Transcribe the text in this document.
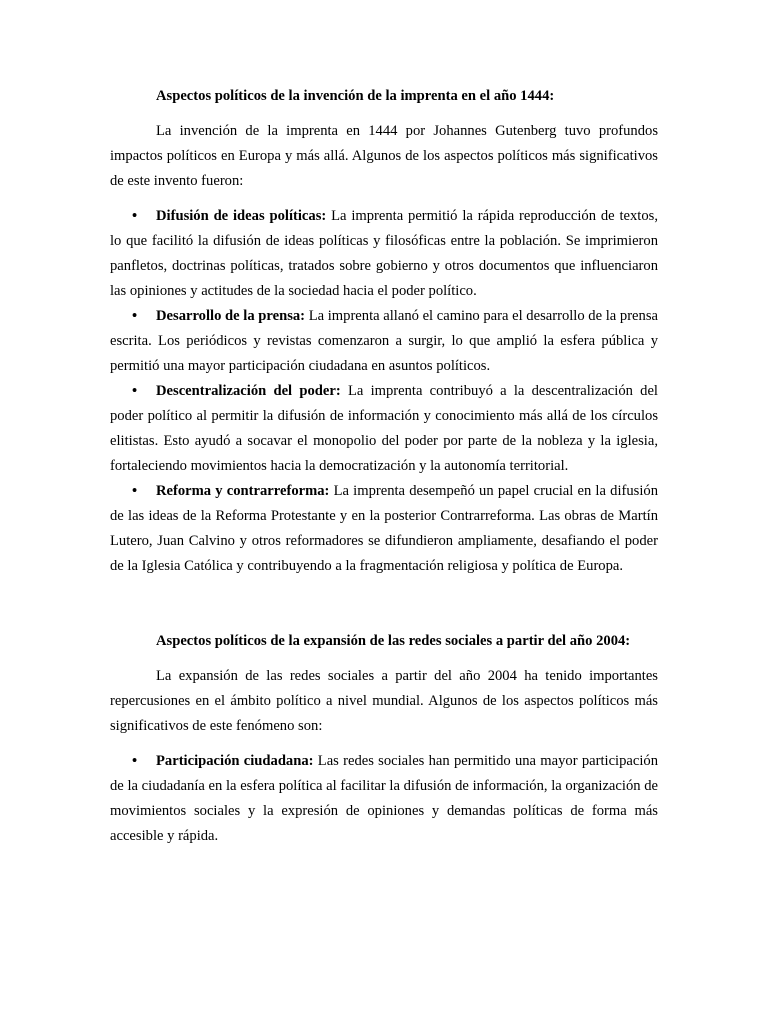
Aspectos políticos de la invención de la imprenta en el año 1444:

La invención de la imprenta en 1444 por Johannes Gutenberg tuvo profundos impactos políticos en Europa y más allá. Algunos de los aspectos políticos más significativos de este invento fueron:

• Difusión de ideas políticas: La imprenta permitió la rápida reproducción de textos, lo que facilitó la difusión de ideas políticas y filosóficas entre la población. Se imprimieron panfletos, doctrinas políticas, tratados sobre gobierno y otros documentos que influenciaron las opiniones y actitudes de la sociedad hacia el poder político.
• Desarrollo de la prensa: La imprenta allanó el camino para el desarrollo de la prensa escrita. Los periódicos y revistas comenzaron a surgir, lo que amplió la esfera pública y permitió una mayor participación ciudadana en asuntos políticos.
• Descentralización del poder: La imprenta contribuyó a la descentralización del poder político al permitir la difusión de información y conocimiento más allá de los círculos elitistas. Esto ayudó a socavar el monopolio del poder por parte de la nobleza y la iglesia, fortaleciendo movimientos hacia la democratización y la autonomía territorial.
• Reforma y contrarreforma: La imprenta desempeñó un papel crucial en la difusión de las ideas de la Reforma Protestante y en la posterior Contrarreforma. Las obras de Martín Lutero, Juan Calvino y otros reformadores se difundieron ampliamente, desafiando el poder de la Iglesia Católica y contribuyendo a la fragmentación religiosa y política de Europa.

Aspectos políticos de la expansión de las redes sociales a partir del año 2004:

La expansión de las redes sociales a partir del año 2004 ha tenido importantes repercusiones en el ámbito político a nivel mundial. Algunos de los aspectos políticos más significativos de este fenómeno son:

• Participación ciudadana: Las redes sociales han permitido una mayor participación de la ciudadanía en la esfera política al facilitar la difusión de información, la organización de movimientos sociales y la expresión de opiniones y demandas políticas de forma más accesible y rápida.
